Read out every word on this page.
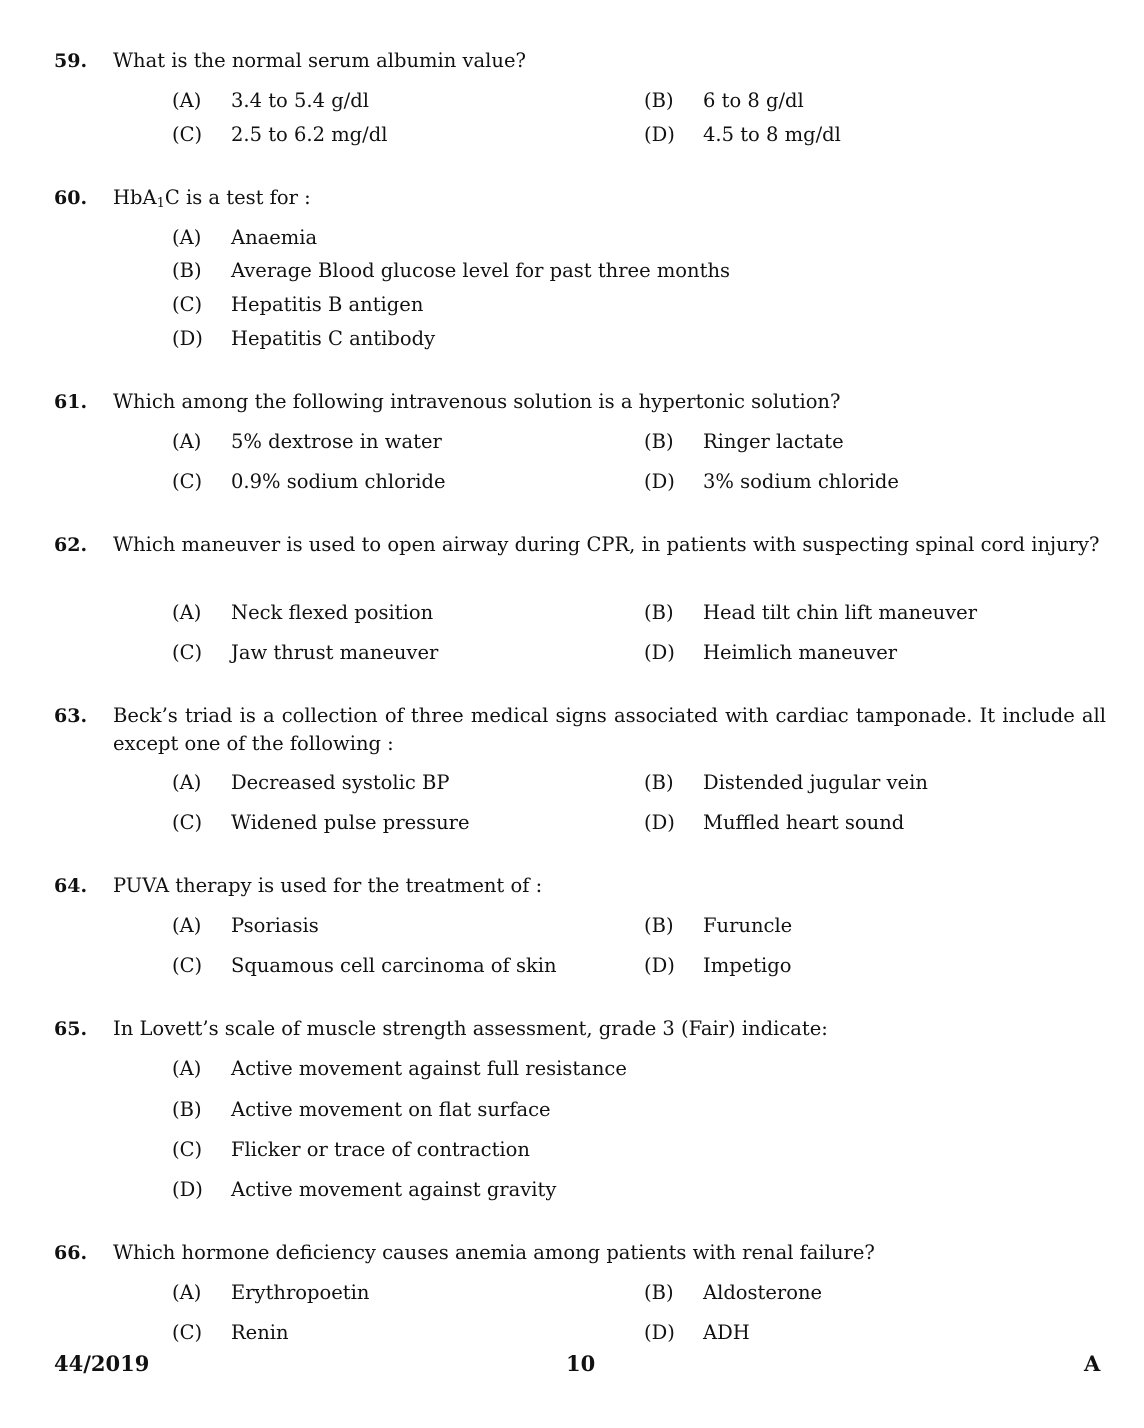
59.	What is the normal serum albumin value?
(A) 3.4 to 5.4 g/dl	(B) 6 to 8 g/dl
(C) 2.5 to 6.2 mg/dl	(D) 4.5 to 8 mg/dl
60.	HbA$_1$C is a test for :
(A) Anaemia
(B) Average Blood glucose level for past three months
(C) Hepatitis B antigen
(D) Hepatitis C antibody
61.	Which among the following intravenous solution is a hypertonic solution?
(A) 5% dextrose in water	(B) Ringer lactate
(C) 0.9% sodium chloride	(D) 3% sodium chloride
62.	Which maneuver is used to open airway during CPR, in patients with suspecting spinal cord injury?
(A) Neck flexed position	(B) Head tilt chin lift maneuver
(C) Jaw thrust maneuver	(D) Heimlich maneuver
63.	Beck’s triad is a collection of three medical signs associated with cardiac tamponade. It include all except one of the following :
(A) Decreased systolic BP	(B) Distended jugular vein
(C) Widened pulse pressure	(D) Muffled heart sound
64.	PUVA therapy is used for the treatment of :
(A) Psoriasis	(B) Furuncle
(C) Squamous cell carcinoma of skin	(D) Impetigo
65.	In Lovett’s scale of muscle strength assessment, grade 3 (Fair) indicate:
(A) Active movement against full resistance
(B) Active movement on flat surface
(C) Flicker or trace of contraction
(D) Active movement against gravity
66.	Which hormone deficiency causes anemia among patients with renal failure?
(A) Erythropoetin	(B) Aldosterone
(C) Renin	(D) ADH
44/2019	10	A
